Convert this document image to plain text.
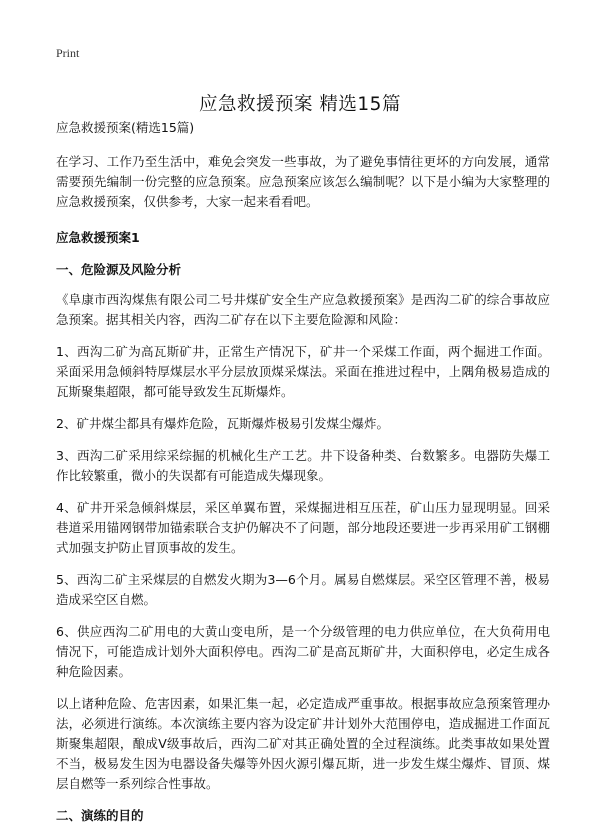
Print
应急救援预案 精选15篇
应急救援预案(精选15篇)

在学习、工作乃至生活中，难免会突发一些事故，为了避免事情往更坏的方向发展，通常需要预先编制一份完整的应急预案。应急预案应该怎么编制呢？以下是小编为大家整理的应急救援预案，仅供参考，大家一起来看看吧。

应急救援预案1
一、危险源及风险分析

《阜康市西沟煤焦有限公司二号井煤矿安全生产应急救援预案》是西沟二矿的综合事故应急预案。据其相关内容，西沟二矿存在以下主要危险源和风险：

1、西沟二矿为高瓦斯矿井，正常生产情况下，矿井一个采煤工作面，两个掘进工作面。采面采用急倾斜特厚煤层水平分层放顶煤采煤法。采面在推进过程中，上隅角极易造成的瓦斯聚集超限，都可能导致发生瓦斯爆炸。

2、矿井煤尘都具有爆炸危险，瓦斯爆炸极易引发煤尘爆炸。

3、西沟二矿采用综采综掘的机械化生产工艺。井下设备种类、台数繁多。电器防失爆工作比较繁重，微小的失误都有可能造成失爆现象。

4、矿井开采急倾斜煤层，采区单翼布置，采煤掘进相互压茬，矿山压力显现明显。回采巷道采用锚网钢带加锚索联合支护仍解决不了问题，部分地段还要进一步再采用矿工钢棚式加强支护防止冒顶事故的发生。

5、西沟二矿主采煤层的自燃发火期为3—6个月。属易自燃煤层。采空区管理不善，极易造成采空区自燃。

6、供应西沟二矿用电的大黄山变电所，是一个分级管理的电力供应单位，在大负荷用电情况下，可能造成计划外大面积停电。西沟二矿是高瓦斯矿井，大面积停电，必定生成各种危险因素。

以上诸种危险、危害因素，如果汇集一起，必定造成严重事故。根据事故应急预案管理办法，必须进行演练。本次演练主要内容为设定矿井计划外大范围停电，造成掘进工作面瓦斯聚集超限，酿成V级事故后，西沟二矿对其正确处置的全过程演练。此类事故如果处置不当，极易发生因为电器设备失爆等外因火源引爆瓦斯，进一步发生煤尘爆炸、冒顶、煤层自燃等一系列综合性事故。

二、演练的目的
